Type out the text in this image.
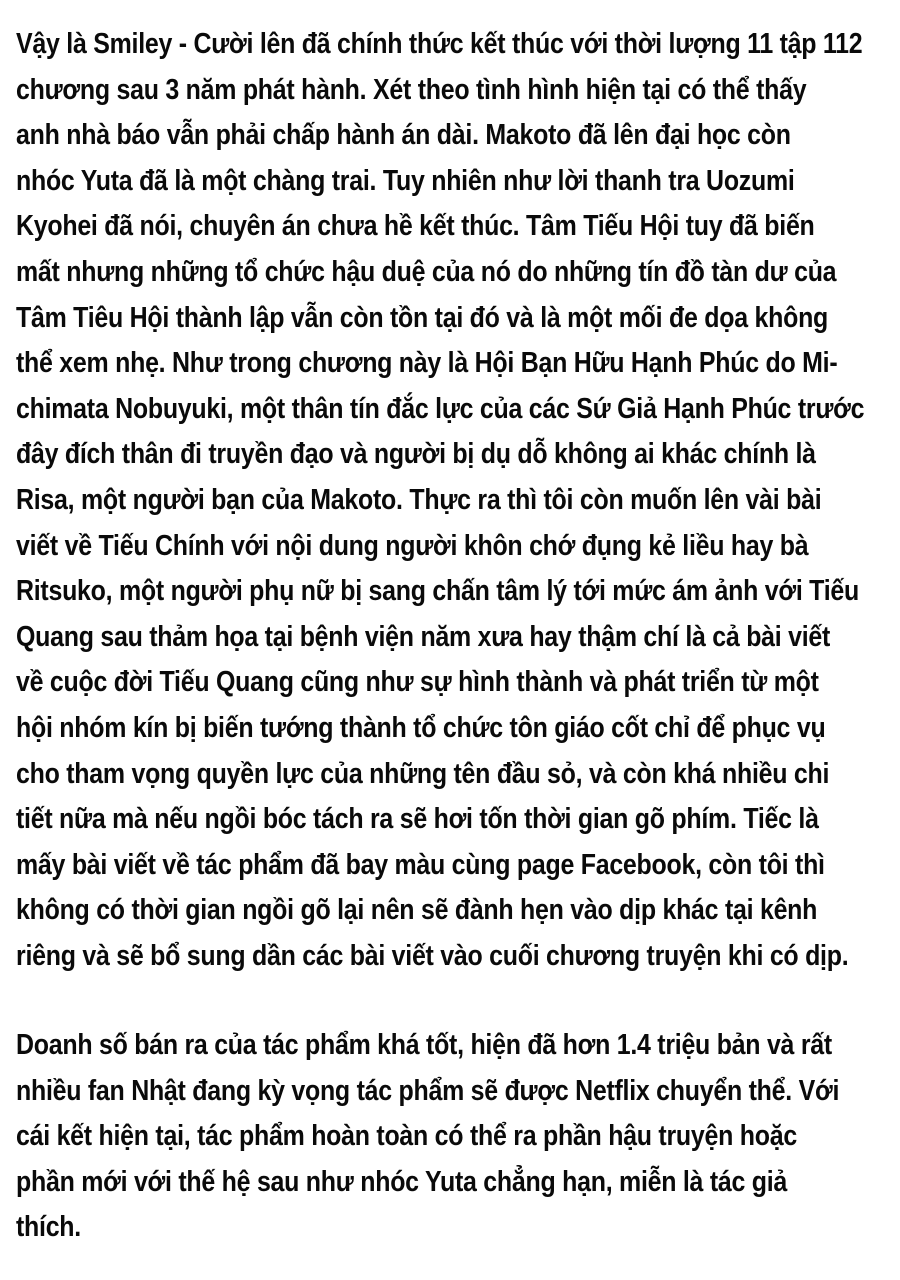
Vậy là Smiley - Cười lên đã chính thức kết thúc với thời lượng 11 tập 112
chương sau 3 năm phát hành. Xét theo tình hình hiện tại có thể thấy
anh nhà báo vẫn phải chấp hành án dài. Makoto đã lên đại học còn
nhóc Yuta đã là một chàng trai. Tuy nhiên như lời thanh tra Uozumi
Kyohei đã nói, chuyên án chưa hề kết thúc. Tâm Tiếu Hội tuy đã biến
mất nhưng những tổ chức hậu duệ của nó do những tín đồ tàn dư của
Tâm Tiêu Hội thành lập vẫn còn tồn tại đó và là một mối đe dọa không
thể xem nhẹ. Như trong chương này là Hội Bạn Hữu Hạnh Phúc do Mi-
chimata Nobuyuki, một thân tín đắc lực của các Sứ Giả Hạnh Phúc trước
đây đích thân đi truyền đạo và người bị dụ dỗ không ai khác chính là
Risa, một người bạn của Makoto. Thực ra thì tôi còn muốn lên vài bài
viết về Tiếu Chính với nội dung người khôn chớ đụng kẻ liều hay bà
Ritsuko, một người phụ nữ bị sang chấn tâm lý tới mức ám ảnh với Tiếu
Quang sau thảm họa tại bệnh viện năm xưa hay thậm chí là cả bài viết
về cuộc đời Tiếu Quang cũng như sự hình thành và phát triển từ một
hội nhóm kín bị biến tướng thành tổ chức tôn giáo cốt chỉ để phục vụ
cho tham vọng quyền lực của những tên đầu sỏ, và còn khá nhiều chi
tiết nữa mà nếu ngồi bóc tách ra sẽ hơi tốn thời gian gõ phím. Tiếc là
mấy bài viết về tác phẩm đã bay màu cùng page Facebook, còn tôi thì
không có thời gian ngồi gõ lại nên sẽ đành hẹn vào dịp khác tại kênh
riêng và sẽ bổ sung dần các bài viết vào cuối chương truyện khi có dịp.
Doanh số bán ra của tác phẩm khá tốt, hiện đã hơn 1.4 triệu bản và rất
nhiều fan Nhật đang kỳ vọng tác phẩm sẽ được Netflix chuyển thể. Với
cái kết hiện tại, tác phẩm hoàn toàn có thể ra phần hậu truyện hoặc
phần mới với thế hệ sau như nhóc Yuta chẳng hạn, miễn là tác giả
thích.
